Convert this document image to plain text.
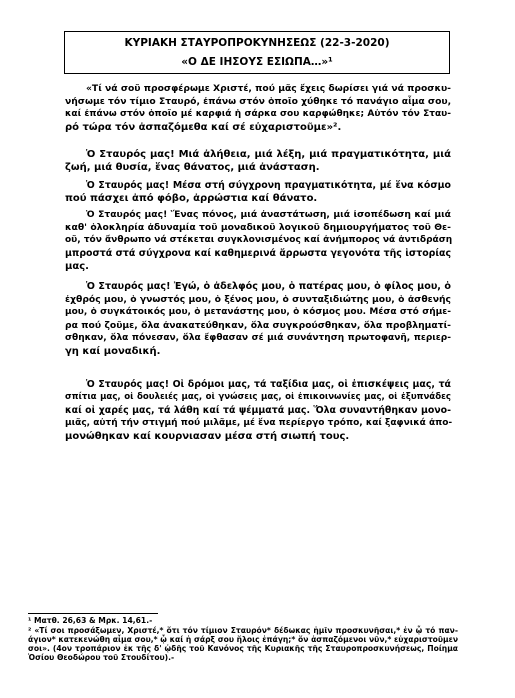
ΚΥΡΙΑΚΗ ΣΤΑΥΡΟΠΡΟΚΥΝΗΣΕΩΣ (22-3-2020)
«Ο ΔΕ ΙΗΣΟΥΣ ΕΣΙΩΠΑ…»¹
«Τί νά σοῦ προσφέρωμε Χριστέ, πού μᾶς ἔχεις δωρίσει γιά νά προσκυ-
νήσωμε τόν τίμιο Σταυρό, ἐπάνω στόν ὁποῖο χύθηκε τό πανάγιο αἷμα σου,
καί ἐπάνω στόν ὁποῖο μέ καρφιά ἡ σάρκα σου καρφώθηκε; Αὐτόν τόν Σταυ-
ρό τώρα τόν ἀσπαζόμεθα καί σέ εὐχαριστοῦμε»².
Ὁ Σταυρός μας! Μιά ἀλήθεια, μιά λέξη, μιά πραγματικότητα, μιά
ζωή, μιά θυσία, ἕνας θάνατος, μιά ἀνάσταση.
Ὁ Σταυρός μας! Μέσα στή σύγχρονη πραγματικότητα, μέ ἕνα κόσμο
πού πάσχει ἀπό φόβο, ἀρρώστια καί θάνατο.
Ὁ Σταυρός μας! Ἕνας πόνος, μιά ἀναστάτωση, μιά ἰσοπέδωση καί μιά
καθ' ὁλοκληρία ἀδυναμία τοῦ μοναδικοῦ λογικοῦ δημιουργήματος τοῦ Θε-
οῦ, τόν ἄνθρωπο νά στέκεται συγκλονισμένος καί ἀνήμπορος νά ἀντιδράση
μπροστά στά σύγχρονα καί καθημερινά ἄρρωστα γεγονότα τῆς ἱστορίας
μας.
Ὁ Σταυρός μας! Ἐγώ, ὁ ἀδελφός μου, ὁ πατέρας μου, ὁ φίλος μου, ὁ
ἐχθρός μου, ὁ γνωστός μου, ὁ ξένος μου, ὁ συνταξιδιώτης μου, ὁ ἀσθενής
μου, ὁ συγκάτοικός μου, ὁ μετανάστης μου, ὁ κόσμος μου. Μέσα στό σήμε-
ρα πού ζοῦμε, ὅλα ἀνακατεύθηκαν, ὅλα συγκρούσθηκαν, ὅλα προβληματί-
σθηκαν, ὅλα πόνεσαν, ὅλα ἔφθασαν σέ μιά συνάντηση πρωτοφανῆ, περιερ-
γη καί μοναδική.
Ὁ Σταυρός μας! Οἱ δρόμοι μας, τά ταξίδια μας, οἱ ἐπισκέψεις μας, τά
σπίτια μας, οἱ δουλειές μας, οἱ γνώσεις μας, οἱ ἐπικοινωνίες μας, οἱ ἐξυπνάδες
καί οἱ χαρές μας, τά λάθη καί τά ψέμματά μας. Ὅλα συναντήθηκαν μονο-
μιᾶς, αὐτή τήν στιγμή πού μιλᾶμε, μέ ἕνα περίεργο τρόπο, καί ξαφνικά ἀπο-
μονώθηκαν καί κουρνιασαν μέσα στή σιωπή τους.
¹ Ματθ. 26,63 & Μρκ. 14,61.-
² «Τί σοι προσάξωμεν, Χριστέ,* ὅτι τόν τίμιον Σταυρόν* δέδωκας ἡμῖν προσκυνῆσαι,* ἐν ᾧ τό παν-
άγιον* κατεκενώθη αἷμα σου,* ᾧ καί ἡ σάρξ σου ἥλοις ἐπάγη;* ὅν ἀσπαζόμενοι νῦν,* εὐχαριστοῦμεν
σοι». (4ον τροπάριον ἐκ τῆς δ' ᾠδῆς τοῦ Κανόνος τῆς Κυριακῆς τῆς Σταυροπροσκυνήσεως, Ποίημα
Ὁσίου Θεοδώρου τοῦ Στουδίτου).-
